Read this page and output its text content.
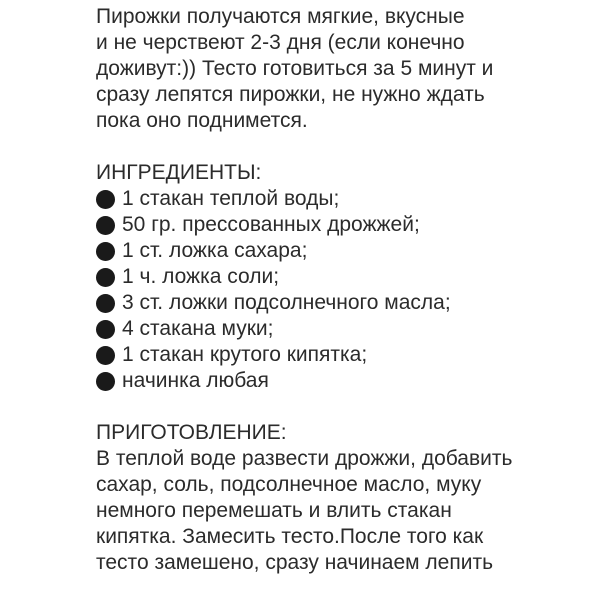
Пирожки получаются мягкие, вкусные
и не черствеют 2-3 дня (если конечно
доживут:)) Тесто готовиться за 5 минут и
сразу лепятся пирожки, не нужно ждать
пока оно поднимется.

ИНГРЕДИЕНТЫ:
1 стакан теплой воды;
50 гр. прессованных дрожжей;
1 ст. ложка сахара;
1 ч. ложка соли;
3 ст. ложки подсолнечного масла;
4 стакана муки;
1 стакан крутого кипятка;
начинка любая
ПРИГОТОВЛЕНИЕ:

В теплой воде развести дрожжи, добавить
сахар, соль, подсолнечное масло, муку
немного перемешать и влить стакан
кипятка. Замесить тесто.После того как
тесто замешено, сразу начинаем лепить
